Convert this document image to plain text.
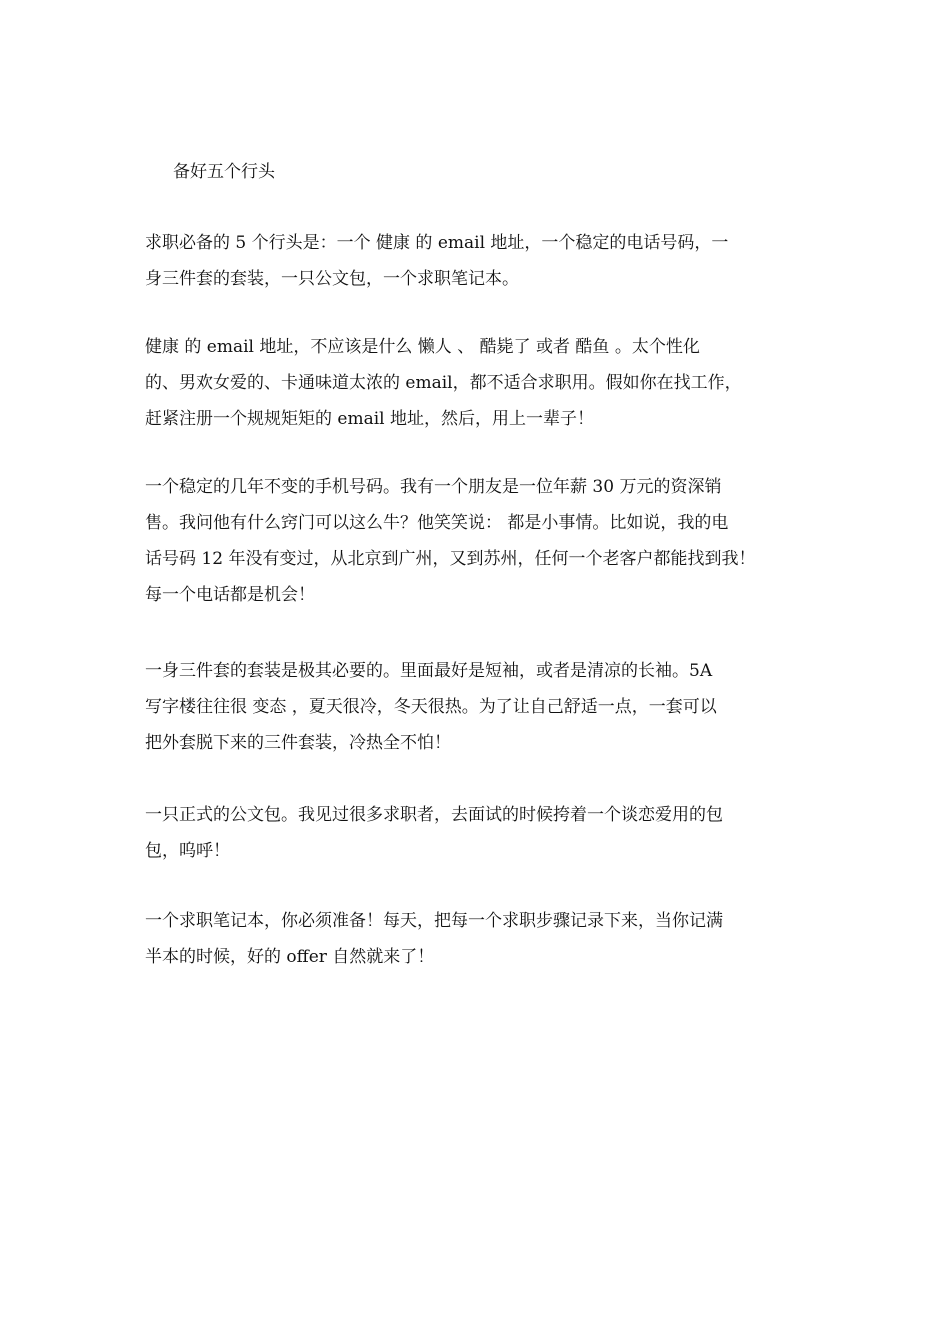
备好五个行头

求职必备的 5 个行头是：一个 健康 的 email 地址，一个稳定的电话号码，一
身三件套的套装，一只公文包，一个求职笔记本。

健康 的 email 地址，不应该是什么 懒人 、 酷毙了 或者 酷鱼 。太个性化
的、男欢女爱的、卡通味道太浓的 email，都不适合求职用。假如你在找工作，
赶紧注册一个规规矩矩的 email 地址，然后，用上一辈子！

一个稳定的几年不变的手机号码。我有一个朋友是一位年薪 30 万元的资深销
售。我问他有什么窍门可以这么牛？他笑笑说： 都是小事情。比如说，我的电
话号码 12 年没有变过，从北京到广州，又到苏州，任何一个老客户都能找到我！
每一个电话都是机会！

一身三件套的套装是极其必要的。里面最好是短袖，或者是清凉的长袖。5A
写字楼往往很 变态 ，夏天很冷，冬天很热。为了让自己舒适一点，一套可以
把外套脱下来的三件套装，冷热全不怕！

一只正式的公文包。我见过很多求职者，去面试的时候挎着一个谈恋爱用的包
包，呜呼！

一个求职笔记本，你必须准备！每天，把每一个求职步骤记录下来，当你记满
半本的时候，好的 offer 自然就来了！
